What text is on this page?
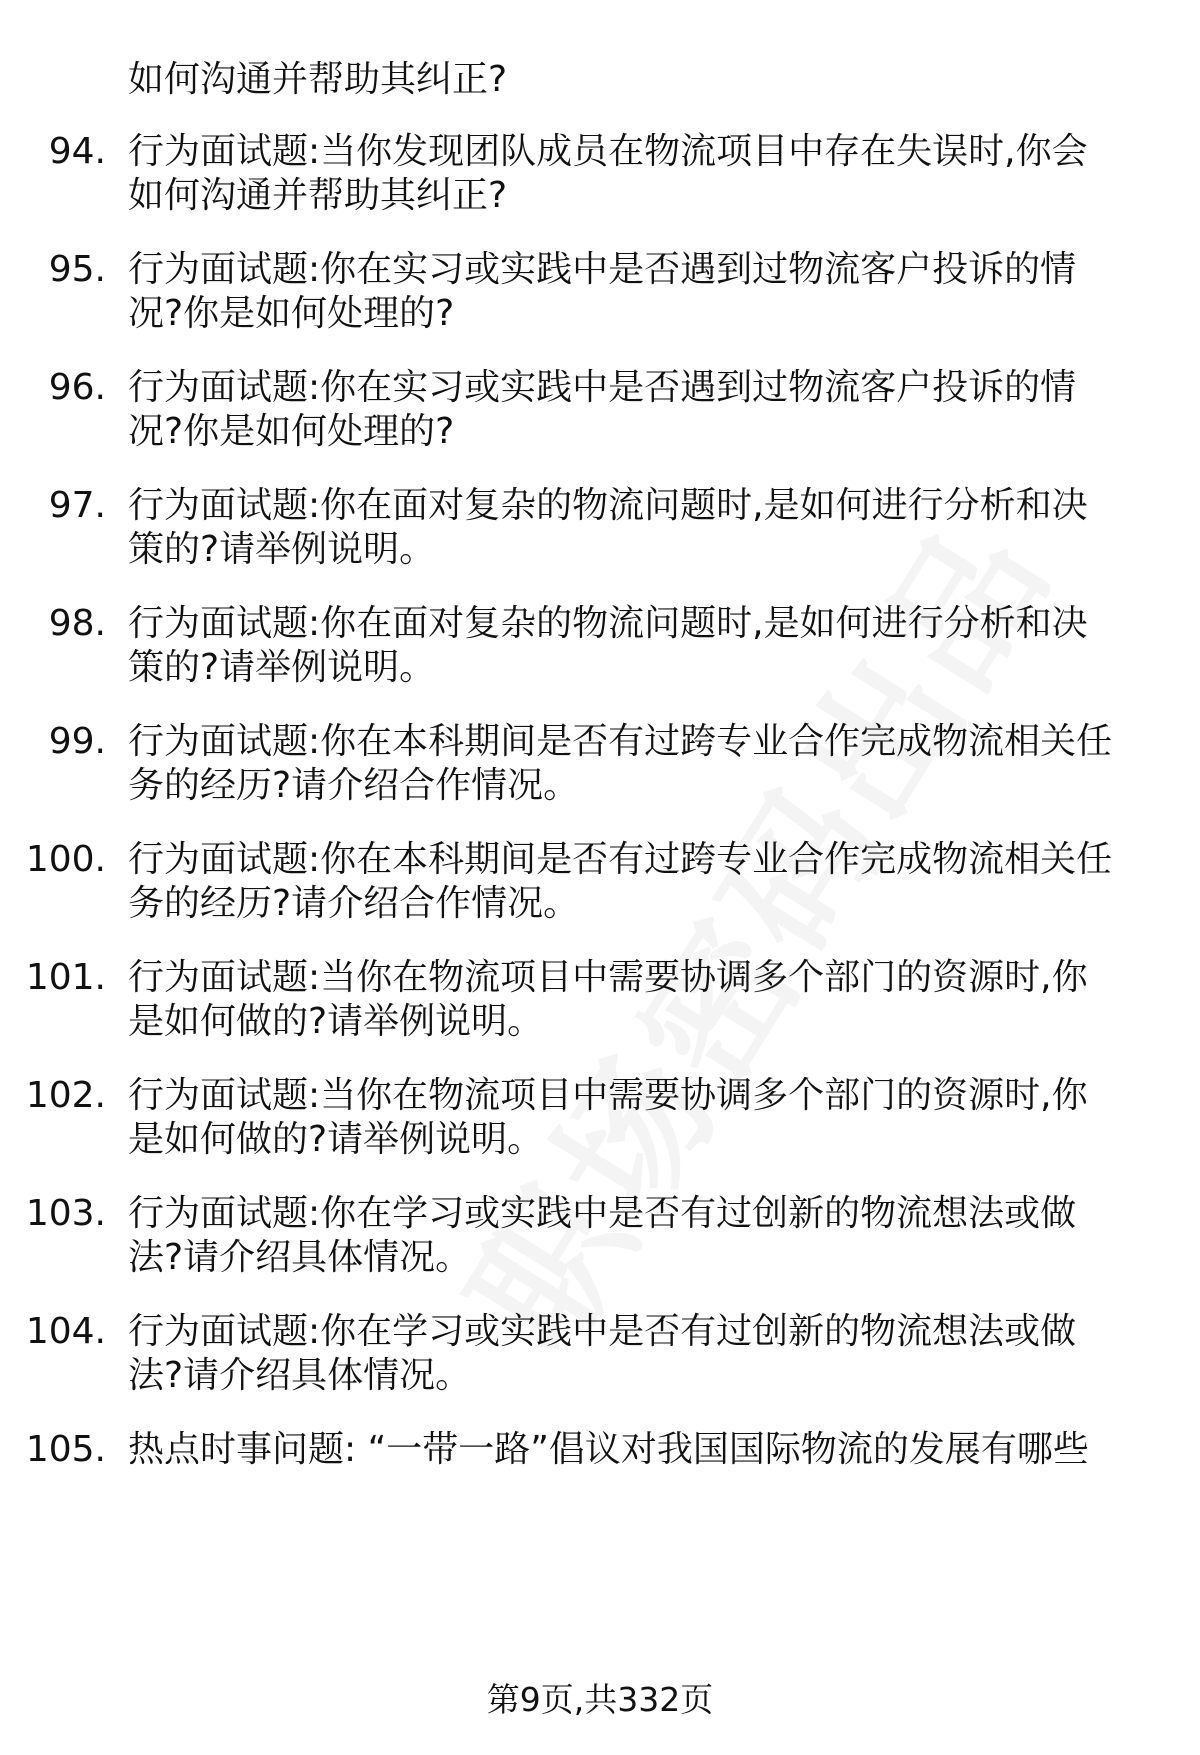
如何沟通并帮助其纠正?
94. 行为面试题:当你发现团队成员在物流项目中存在失误时,你会
如何沟通并帮助其纠正?
95. 行为面试题:你在实习或实践中是否遇到过物流客户投诉的情
况?你是如何处理的?
96. 行为面试题:你在实习或实践中是否遇到过物流客户投诉的情
况?你是如何处理的?
97. 行为面试题:你在面对复杂的物流问题时,是如何进行分析和决
策的?请举例说明。
98. 行为面试题:你在面对复杂的物流问题时,是如何进行分析和决
策的?请举例说明。
99. 行为面试题:你在本科期间是否有过跨专业合作完成物流相关任
务的经历?请介绍合作情况。
100. 行为面试题:你在本科期间是否有过跨专业合作完成物流相关任
务的经历?请介绍合作情况。
101. 行为面试题:当你在物流项目中需要协调多个部门的资源时,你
是如何做的?请举例说明。
102. 行为面试题:当你在物流项目中需要协调多个部门的资源时,你
是如何做的?请举例说明。
103. 行为面试题:你在学习或实践中是否有过创新的物流想法或做
法?请介绍具体情况。
104. 行为面试题:你在学习或实践中是否有过创新的物流想法或做
法?请介绍具体情况。
105. 热点时事问题: “一带一路”倡议对我国国际物流的发展有哪些
第9页,共332页
